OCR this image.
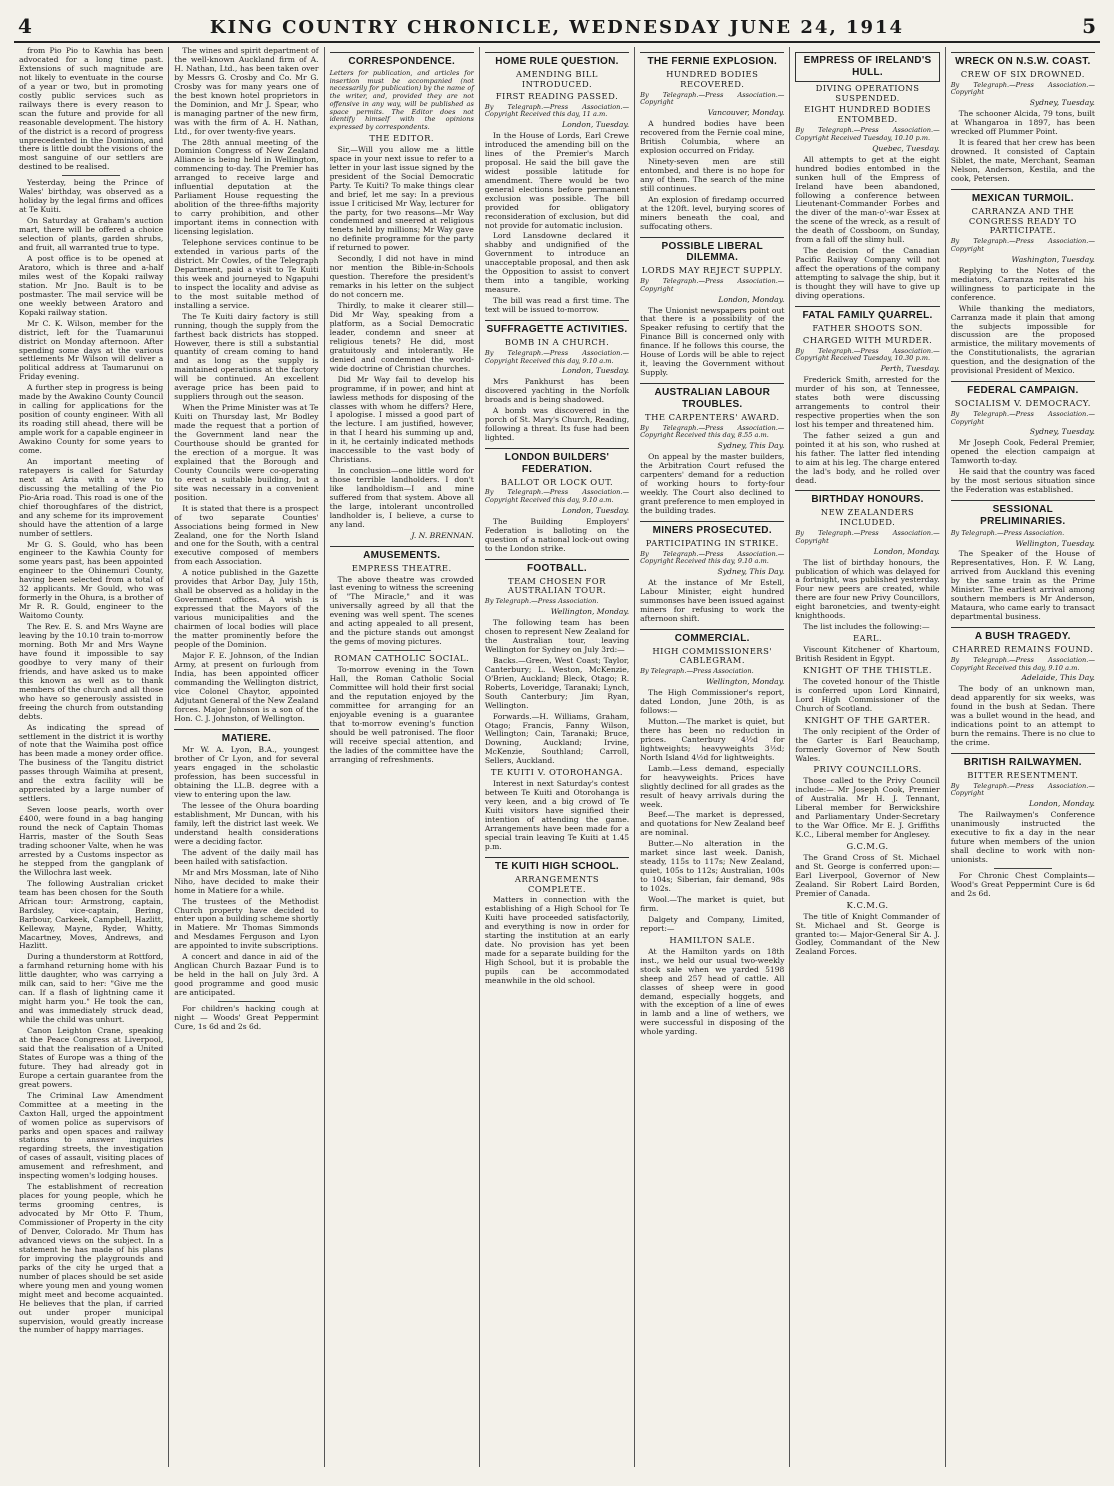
4	KING COUNTRY CHRONICLE, WEDNESDAY JUNE 24, 1914	5

from Pio Pio to Kawhia has been advocated for a long time past. Extensions of such magnitude are not likely to eventuate in the course of a year or two, but in promoting costly public services such as railways there is every reason to scan the future and provide for all reasonable development. The history of the district is a record of progress unprecedented in the Dominion, and there is little doubt the visions of the most sanguine of our settlers are destined to be realised.

Yesterday, being the Prince of Wales' birthday, was observed as a holiday by the legal firms and offices at Te Kuiti.

On Saturday at Graham's auction mart, there will be offered a choice selection of plants, garden shrubs, and fruit, all warranted true to type.

A post office is to be opened at Aratoro, which is three and a-half miles west of the Kopaki railway station. Mr Jno. Bault is to be postmaster. The mail service will be one weekly between Aratoro and Kopaki railway station.

Mr C. K. Wilson, member for the district, left for the Tuamarunui district on Monday afternoon. After spending some days at the various settlements Mr Wilson will deliver a political address at Taumarunui on Friday evening.

A further step in progress is being made by the Awakino County Council in calling for applications for the position of county engineer. With all its roading still ahead, there will be ample work for a capable engineer in Awakino County for some years to come.

An important meeting of ratepayers is called for Saturday next at Aria with a view to discussing the metalling of the Pio Pio-Aria road. This road is one of the chief thoroughfares of the district, and any scheme for its improvement should have the attention of a large number of settlers.

Mr G. S. Gould, who has been engineer to the Kawhia County for some years past, has been appointed engineer to the Ohinemuri County, having been selected from a total of 32 applicants. Mr Gould, who was formerly in the Ohura, is a brother of Mr R. R. Gould, engineer to the Waitomo County.

The Rev. E. S. and Mrs Wayne are leaving by the 10.10 train to-morrow morning. Both Mr and Mrs Wayne have found it impossible to say goodbye to very many of their friends, and have asked us to make this known as well as to thank members of the church and all those who have so generously assisted in freeing the church from outstanding debts.

As indicating the spread of settlement in the district it is worthy of note that the Waimiha post office has been made a money order office. The business of the Tangitu district passes through Waimiha at present, and the extra facility will be appreciated by a large number of settlers.

Seven loose pearls, worth over £400, were found in a bag hanging round the neck of Captain Thomas Harris, master of the South Seas trading schooner Valte, when he was arrested by a Customs inspector as he stepped from the gangplank of the Willochra last week.

The following Australian cricket team has been chosen for the South African tour: Armstrong, captain, Bardsley, vice-captain, Bering, Barbour, Carkeek, Campbell, Hazlitt, Kelleway, Mayne, Ryder, Whitty, Macartney, Moves, Andrews, and Hazlitt.

During a thunderstorm at Rottford, a farmhand returning home with his little daughter, who was carrying a milk can, said to her: "Give me the can. If a flash of lightning came it might harm you." He took the can, and was immediately struck dead, while the child was unhurt.

Canon Leighton Crane, speaking at the Peace Congress at Liverpool, said that the realisation of a United States of Europe was a thing of the future. They had already got in Europe a certain guarantee from the great powers.

The Criminal Law Amendment Committee at a meeting in the Caxton Hall, urged the appointment of women police as supervisors of parks and open spaces and railway stations to answer inquiries regarding streets, the investigation of cases of assault, visiting places of amusement and refreshment, and inspecting women's lodging houses.

The establishment of recreation places for young people, which he terms grooming centres, is advocated by Mr Otto F. Thum, Commissioner of Property in the city of Denver, Colorado. Mr Thum has advanced views on the subject. In a statement he has made of his plans for improving the playgrounds and parks of the city he urged that a number of places should be set aside where young men and young women might meet and become acquainted. He believes that the plan, if carried out under proper municipal supervision, would greatly increase the number of happy marriages.

The wines and spirit department of the well-known Auckland firm of A. H. Nathan, Ltd., has been taken over by Messrs G. Crosby and Co. Mr G. Crosby was for many years one of the best known hotel proprietors in the Dominion, and Mr J. Spear, who is managing partner of the new firm, was with the firm of A. H. Nathan, Ltd., for over twenty-five years.

The 28th annual meeting of the Dominion Congress of New Zealand Alliance is being held in Wellington, commencing to-day. The Premier has arranged to receive large and influential deputation at the Parliament House requesting the abolition of the three-fifths majority to carry prohibition, and other important items in connection with licensing legislation.

Telephone services continue to be extended in various parts of the district. Mr Cowles, of the Telegraph Department, paid a visit to Te Kuiti this week and journeyed to Ngapuhi to inspect the locality and advise as to the most suitable method of installing a service.

The Te Kuiti dairy factory is still running, though the supply from the farthest back districts has stopped. However, there is still a substantial quantity of cream coming to hand and as long as the supply is maintained operations at the factory will be continued. An excellent average price has been paid to suppliers through out the season.

When the Prime Minister was at Te Kuiti on Thursday last, Mr Bodley made the request that a portion of the Government land near the Courthouse should be granted for the erection of a morgue. It was explained that the Borough and County Councils were co-operating to erect a suitable building, but a site was necessary in a convenient position.

It is stated that there is a prospect of two separate Counties' Associations being formed in New Zealand, one for the North Island and one for the South, with a central executive composed of members from each Association.

A notice published in the Gazette provides that Arbor Day, July 15th, shall be observed as a holiday in the Government offices. A wish is expressed that the Mayors of the various municipalities and the chairmen of local bodies will place the matter prominently before the people of the Dominion.

Major F. E. Johnson, of the Indian Army, at present on furlough from India, has been appointed officer commanding the Wellington district, vice Colonel Chaytor, appointed Adjutant General of the New Zealand forces. Major Johnson is a son of the Hon. C. J. Johnston, of Wellington.

MATIERE.

Mr W. A. Lyon, B.A., youngest brother of Cr Lyon, and for several years engaged in the scholastic profession, has been successful in obtaining the LL.B. degree with a view to entering upon the law.

The lessee of the Ohura boarding establishment, Mr Duncan, with his family, left the district last week. We understand health considerations were a deciding factor.

The advent of the daily mail has been hailed with satisfaction.

Mr and Mrs Mossman, late of Niho Niho, have decided to make their home in Matiere for a while.

The trustees of the Methodist Church property have decided to enter upon a building scheme shortly in Matiere. Mr Thomas Simmonds and Mesdames Ferguson and Lyon are appointed to invite subscriptions.

A concert and dance in aid of the Anglican Church Bazaar Fund is to be held in the hall on July 3rd. A good programme and good music are anticipated.

For children's hacking cough at night — Woods' Great Peppermint Cure, 1s 6d and 2s 6d.

CORRESPONDENCE.

Letters for publication, and articles for insertion must be accompanied (not necessarily for publication) by the name of the writer, and, provided they are not offensive in any way, will be published as space permits. The Editor does not identify himself with the opinions expressed by correspondents.

THE EDITOR.

Sir,—Will you allow me a little space in your next issue to refer to a letter in your last issue signed by the president of the Social Democratic Party. Te Kuiti? To make things clear and brief, let me say: In a previous issue I criticised Mr Way, lecturer for the party, for two reasons—Mr Way condemned and sneered at religious tenets held by millions; Mr Way gave no definite programme for the party if returned to power.

Secondly, I did not have in mind nor mention the Bible-in-Schools question. Therefore the president's remarks in his letter on the subject do not concern me.

Thirdly, to make it clearer still—Did Mr Way, speaking from a platform, as a Social Democratic leader, condemn and sneer at religious tenets? He did, most gratuitously and intolerantly. He denied and condemned the world-wide doctrine of Christian churches.

Did Mr Way fail to develop his programme, if in power, and hint at lawless methods for disposing of the classes with whom he differs? Here, I apologise. I missed a good part of the lecture. I am justified, however, in that I heard his summing up and, in it, he certainly indicated methods inaccessible to the vast body of Christians.

In conclusion—one little word for those terrible landholders. I don't like landholdism—I and mine suffered from that system. Above all the large, intolerant uncontrolled landholder is, I believe, a curse to any land.

J. N. BRENNAN.
AMUSEMENTS.
EMPRESS THEATRE.

The above theatre was crowded last evening to witness the screening of "The Miracle," and it was universally agreed by all that the evening was well spent. The scenes and acting appealed to all present, and the picture stands out amongst the gems of moving pictures.

ROMAN CATHOLIC SOCIAL.

To-morrow evening in the Town Hall, the Roman Catholic Social Committee will hold their first social and the reputation enjoyed by the committee for arranging for an enjoyable evening is a guarantee that to-morrow evening's function should be well patronised. The floor will receive special attention, and the ladies of the committee have the arranging of refreshments.

HOME RULE QUESTION.
AMENDING BILL INTRODUCED.
FIRST READING PASSED.

By Telegraph.—Press Association.—Copyright Received this day, 11 a.m.

London, Tuesday.

In the House of Lords, Earl Crewe introduced the amending bill on the lines of the Premier's March proposal. He said the bill gave the widest possible latitude for amendment. There would be two general elections before permanent exclusion was possible. The bill provided for obligatory reconsideration of exclusion, but did not provide for automatic inclusion.

Lord Lansdowne declared it shabby and undignified of the Government to introduce an unacceptable proposal, and then ask the Opposition to assist to convert them into a tangible, working measure.

The bill was read a first time. The text will be issued to-morrow.

SUFFRAGETTE ACTIVITIES.
BOMB IN A CHURCH.

By Telegraph.—Press Association.—Copyright Received this day, 9.10 a.m.

London, Tuesday.

Mrs Pankhurst has been discovered yachting in the Norfolk broads and is being shadowed.

A bomb was discovered in the porch of St. Mary's Church, Reading, following a threat. Its fuse had been lighted.

LONDON BUILDERS' FEDERATION.
BALLOT OR LOCK OUT.

By Telegraph.—Press Association.—Copyright Received this day, 9.10 a.m.

London, Tuesday.

The Building Employers' Federation is balloting on the question of a national lock-out owing to the London strike.

FOOTBALL.
TEAM CHOSEN FOR AUSTRALIAN TOUR.

By Telegraph.—Press Association.

Wellington, Monday.

The following team has been chosen to represent New Zealand for the Australian tour, leaving Wellington for Sydney on July 3rd:—

Backs.—Green, West Coast; Taylor, Canterbury; L. Weston, McKenzie, O'Brien, Auckland; Bleck, Otago; R. Roberts, Loveridge, Taranaki; Lynch, South Canterbury; Jim Ryan, Wellington.

Forwards.—H. Williams, Graham, Otago; Francis, Fanny Wilson, Wellington; Cain, Taranaki; Bruce, Downing, Auckland; Irvine, McKenzie, Southland; Carroll, Sellers, Auckland.

TE KUITI V. OTOROHANGA.

Interest in next Saturday's contest between Te Kuiti and Otorohanga is very keen, and a big crowd of Te Kuiti visitors have signified their intention of attending the game. Arrangements have been made for a special train leaving Te Kuiti at 1.45 p.m.

TE KUITI HIGH SCHOOL.
ARRANGEMENTS COMPLETE.

Matters in connection with the establishing of a High School for Te Kuiti have proceeded satisfactorily, and everything is now in order for starting the institution at an early date. No provision has yet been made for a separate building for the High School, but it is probable the pupils can be accommodated meanwhile in the old school.

THE FERNIE EXPLOSION.
HUNDRED BODIES RECOVERED.

By Telegraph.—Press Association.—Copyright

Vancouver, Monday.

A hundred bodies have been recovered from the Fernie coal mine, British Columbia, where an explosion occurred on Friday.

Ninety-seven men are still entombed, and there is no hope for any of them. The search of the mine still continues.

An explosion of firedamp occurred at the 120ft. level, burying scores of miners beneath the coal, and suffocating others.

POSSIBLE LIBERAL DILEMMA.
LORDS MAY REJECT SUPPLY.

By Telegraph.—Press Association.—Copyright

London, Monday.

The Unionist newspapers point out that there is a possibility of the Speaker refusing to certify that the Finance Bill is concerned only with finance. If he follows this course, the House of Lords will be able to reject it, leaving the Government without Supply.

AUSTRALIAN LABOUR TROUBLES.
THE CARPENTERS' AWARD.

By Telegraph.—Press Association.—Copyright Received this day, 8.55 a.m.

Sydney, This Day.

On appeal by the master builders, the Arbitration Court refused the carpenters' demand for a reduction of working hours to forty-four weekly. The Court also declined to grant preference to men employed in the building trades.

MINERS PROSECUTED.
PARTICIPATING IN STRIKE.

By Telegraph.—Press Association.—Copyright Received this day, 9.10 a.m.

Sydney, This Day.

At the instance of Mr Estell, Labour Minister, eight hundred summonses have been issued against miners for refusing to work the afternoon shift.

COMMERCIAL.
HIGH COMMISSIONERS' CABLEGRAM.

By Telegraph.—Press Association.

Wellington, Monday.

The High Commissioner's report, dated London, June 20th, is as follows:—

Mutton.—The market is quiet, but there has been no reduction in prices. Canterbury 4½d for lightweights; heavyweights 3½d; North Island 4½d for lightweights.

Lamb.—Less demand, especially for heavyweights. Prices have slightly declined for all grades as the result of heavy arrivals during the week.

Beef.—The market is depressed, and quotations for New Zealand beef are nominal.

Butter.—No alteration in the market since last week. Danish, steady, 115s to 117s; New Zealand, quiet, 105s to 112s; Australian, 100s to 104s; Siberian, fair demand, 98s to 102s.

Wool.—The market is quiet, but firm.

Dalgety and Company, Limited, report:—

HAMILTON SALE.

At the Hamilton yards on 18th inst., we held our usual two-weekly stock sale when we yarded 5198 sheep and 257 head of cattle. All classes of sheep were in good demand, especially hoggets, and with the exception of a line of ewes in lamb and a line of wethers, we were successful in disposing of the whole yarding.

EMPRESS OF IRELAND'S HULL.
DIVING OPERATIONS SUSPENDED.
EIGHT HUNDRED BODIES ENTOMBED.

By Telegraph.—Press Association.—Copyright Received Tuesday, 10.10 p.m.

Quebec, Tuesday.

All attempts to get at the eight hundred bodies entombed in the sunken hull of the Empress of Ireland have been abandoned, following a conference between Lieutenant-Commander Forbes and the diver of the man-o'-war Essex at the scene of the wreck, as a result of the death of Cossboom, on Sunday, from a fall off the slimy hull.

The decision of the Canadian Pacific Railway Company will not affect the operations of the company attempting to salvage the ship, but it is thought they will have to give up diving operations.

FATAL FAMILY QUARREL.
FATHER SHOOTS SON.
CHARGED WITH MURDER.

By Telegraph.—Press Association.—Copyright Received Tuesday, 10.30 p.m.

Perth, Tuesday.

Frederick Smith, arrested for the murder of his son, at Tennessee, states both were discussing arrangements to control their respective properties when the son lost his temper and threatened him.

The father seized a gun and pointed it at his son, who rushed at his father. The latter fled intending to aim at his leg. The charge entered the lad's body, and he rolled over dead.

BIRTHDAY HONOURS.
NEW ZEALANDERS INCLUDED.

By Telegraph.—Press Association.—Copyright

London, Monday.

The list of birthday honours, the publication of which was delayed for a fortnight, was published yesterday. Four new peers are created, while there are four new Privy Councillors, eight baronetcies, and twenty-eight knighthoods.

The list includes the following:—

EARL.

Viscount Kitchener of Khartoum, British Resident in Egypt.

KNIGHT OF THE THISTLE.

The coveted honour of the Thistle is conferred upon Lord Kinnaird, Lord High Commissioner of the Church of Scotland.

KNIGHT OF THE GARTER.

The only recipient of the Order of the Garter is Earl Beauchamp, formerly Governor of New South Wales.

PRIVY COUNCILLORS.

Those called to the Privy Council include:— Mr Joseph Cook, Premier of Australia. Mr H. J. Tennant, Liberal member for Berwickshire and Parliamentary Under-Secretary to the War Office. Mr E. J. Griffiths K.C., Liberal member for Anglesey.

G.C.M.G.

The Grand Cross of St. Michael and St. George is conferred upon:— Earl Liverpool, Governor of New Zealand. Sir Robert Laird Borden, Premier of Canada.

K.C.M.G.

The title of Knight Commander of St. Michael and St. George is granted to:— Major-General Sir A. J. Godley, Commandant of the New Zealand Forces.

WRECK ON N.S.W. COAST.
CREW OF SIX DROWNED.

By Telegraph.—Press Association.—Copyright

Sydney, Tuesday.

The schooner Alcida, 79 tons, built at Whangaroa in 1897, has been wrecked off Plummer Point.

It is feared that her crew has been drowned. It consisted of Captain Siblet, the mate, Merchant, Seaman Nelson, Anderson, Kestila, and the cook, Petersen.

MEXICAN TURMOIL.
CARRANZA AND THE CONGRESS READY TO PARTICIPATE.

By Telegraph.—Press Association.—Copyright

Washington, Tuesday.

Replying to the Notes of the mediators, Carranza reiterated his willingness to participate in the conference.

While thanking the mediators, Carranza made it plain that among the subjects impossible for discussion are the proposed armistice, the military movements of the Constitutionalists, the agrarian question, and the designation of the provisional President of Mexico.

FEDERAL CAMPAIGN.
SOCIALISM V. DEMOCRACY.

By Telegraph.—Press Association.—Copyright

Sydney, Tuesday.

Mr Joseph Cook, Federal Premier, opened the election campaign at Tamworth to-day.

He said that the country was faced by the most serious situation since the Federation was established.

SESSIONAL PRELIMINARIES.

By Telegraph.—Press Association.

Wellington, Tuesday.

The Speaker of the House of Representatives, Hon. F. W. Lang, arrived from Auckland this evening by the same train as the Prime Minister. The earliest arrival among southern members is Mr Anderson, Mataura, who came early to transact departmental business.

A BUSH TRAGEDY.
CHARRED REMAINS FOUND.

By Telegraph.—Press Association.—Copyright Received this day, 9.10 a.m.

Adelaide, This Day.

The body of an unknown man, dead apparently for six weeks, was found in the bush at Sedan. There was a bullet wound in the head, and indications point to an attempt to burn the remains. There is no clue to the crime.

BRITISH RAILWAYMEN.
BITTER RESENTMENT.

By Telegraph.—Press Association.—Copyright

London, Monday.

The Railwaymen's Conference unanimously instructed the executive to fix a day in the near future when members of the union shall decline to work with non-unionists.

For Chronic Chest Complaints—Wood's Great Peppermint Cure is 6d and 2s 6d.
